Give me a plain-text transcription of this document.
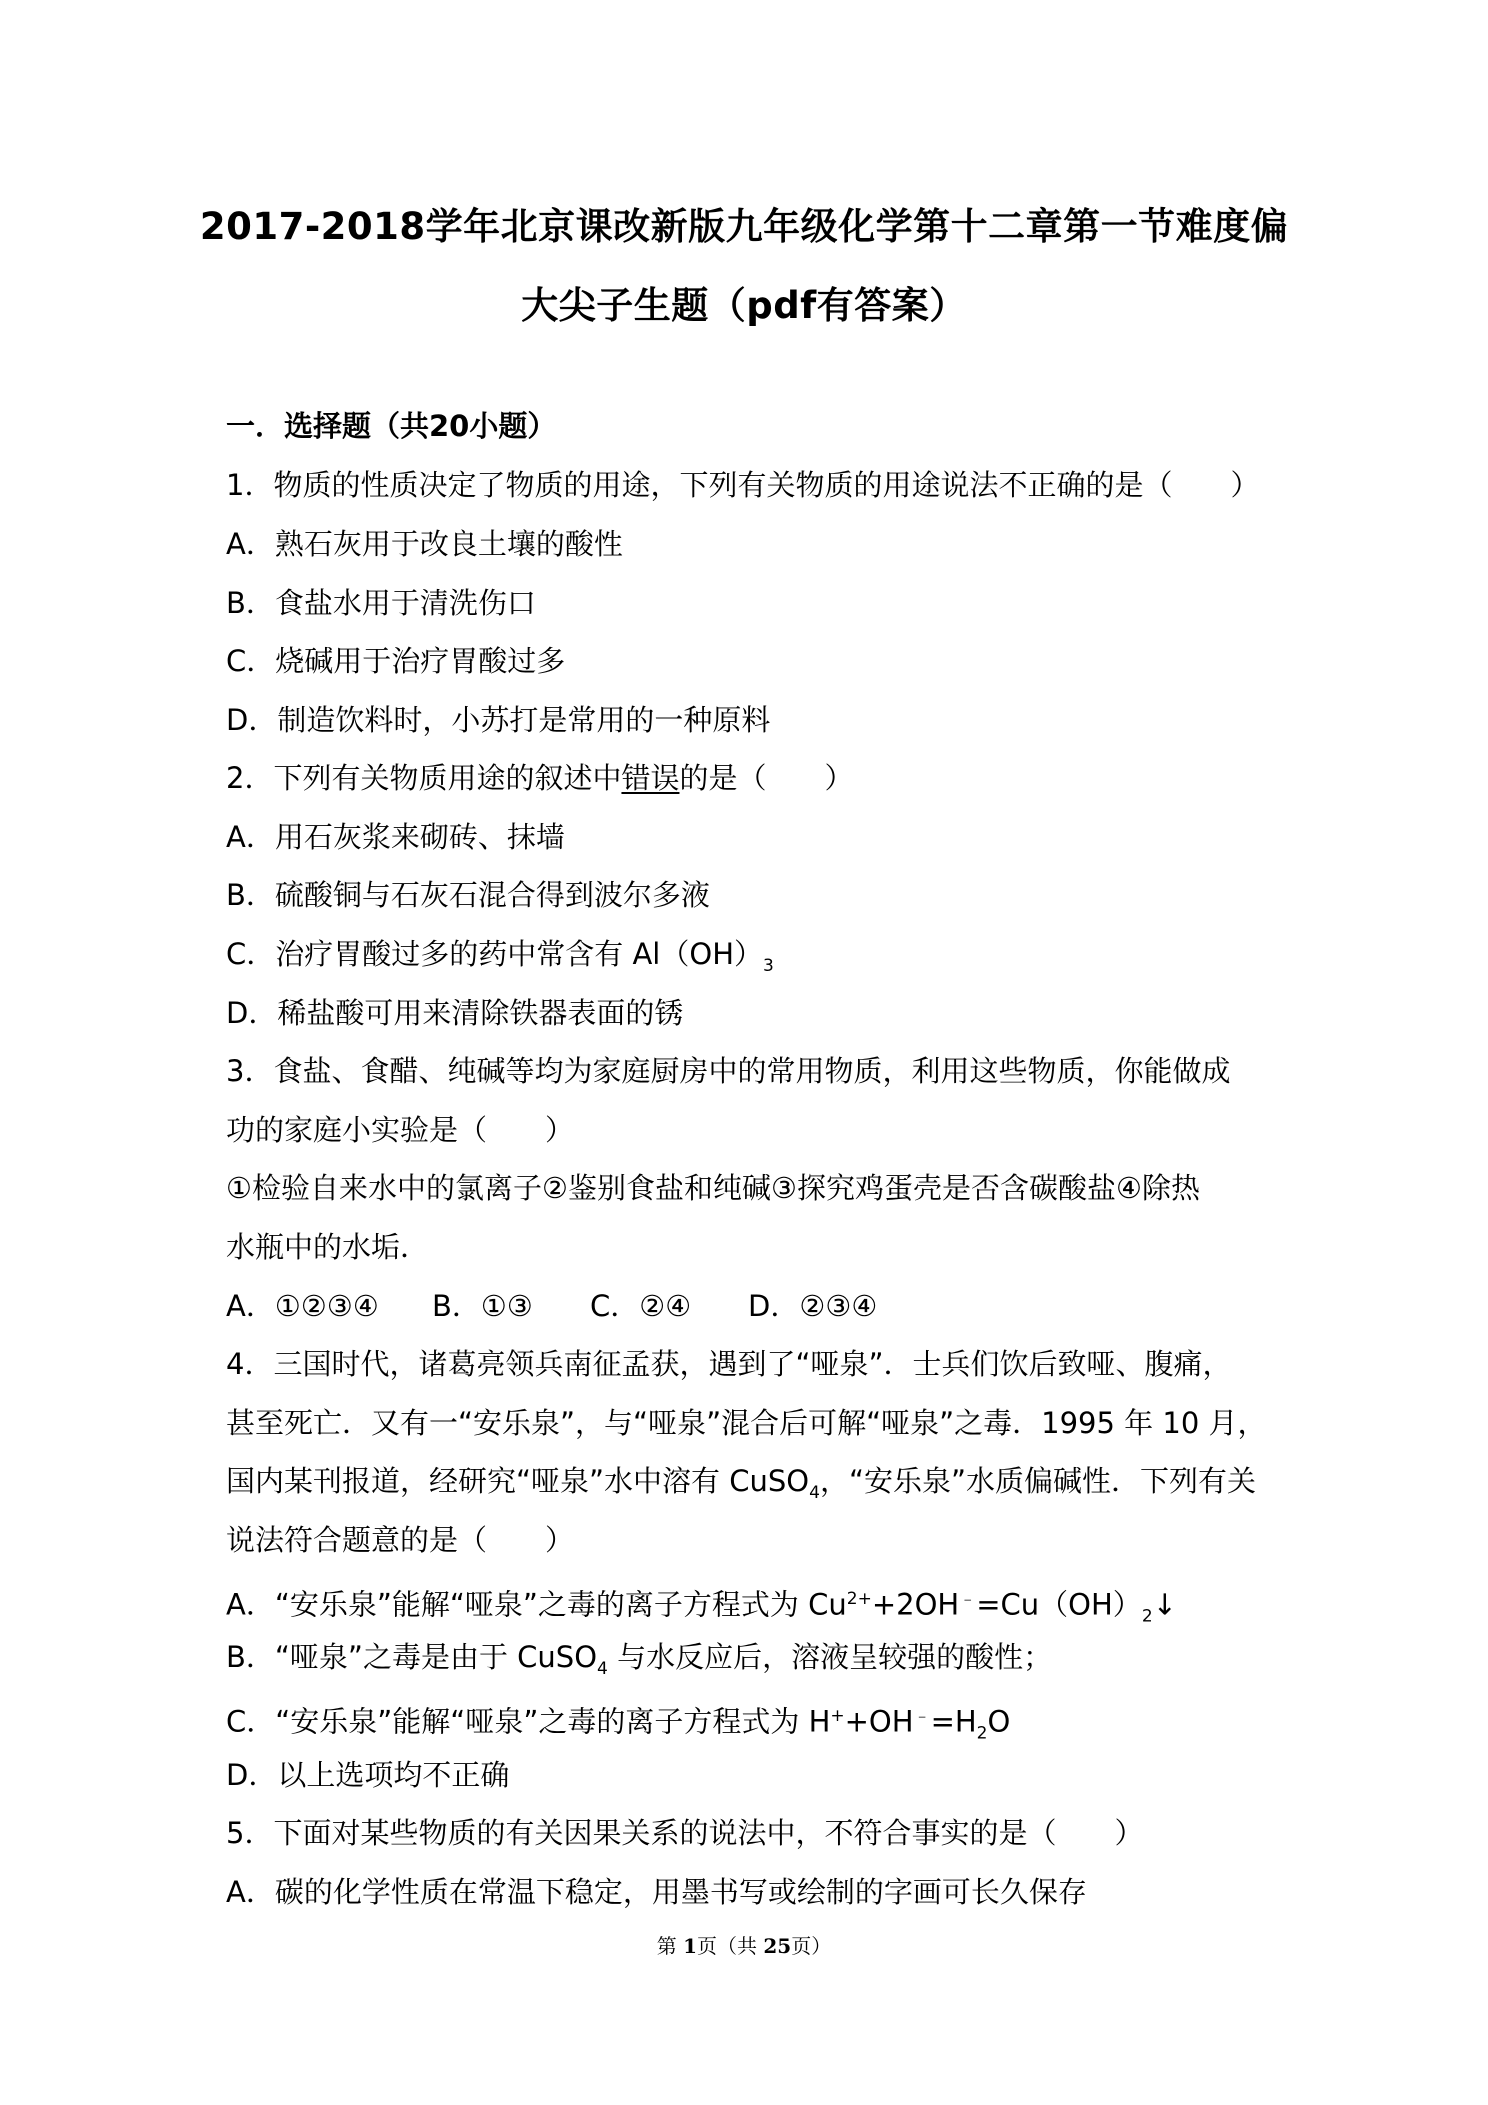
2017-2018学年北京课改新版九年级化学第十二章第一节难度偏
大尖子生题（pdf有答案）
一．选择题（共20小题）
1．物质的性质决定了物质的用途，下列有关物质的用途说法不正确的是（　　）
A．熟石灰用于改良土壤的酸性
B．食盐水用于清洗伤口
C．烧碱用于治疗胃酸过多
D．制造饮料时，小苏打是常用的一种原料
2．下列有关物质用途的叙述中错误的是（　　）
A．用石灰浆来砌砖、抹墙
B．硫酸铜与石灰石混合得到波尔多液
C．治疗胃酸过多的药中常含有 $Al(OH)_3$
D．稀盐酸可用来清除铁器表面的锈
3．食盐、食醋、纯碱等均为家庭厨房中的常用物质，利用这些物质，你能做成
功的家庭小实验是（　　）
①检验自来水中的氯离子②鉴别食盐和纯碱③探究鸡蛋壳是否含碳酸盐④除热
水瓶中的水垢．
A．①②③④ B．①③ C．②④ D．②③④
4．三国时代，诸葛亮领兵南征孟获，遇到了“哑泉”．士兵们饮后致哑、腹痛，
甚至死亡．又有一“安乐泉”，与“哑泉”混合后可解“哑泉”之毒．1995 年 10 月，
国内某刊报道，经研究“哑泉”水中溶有 CuSO$_4$，“安乐泉”水质偏碱性．下列有关
说法符合题意的是（　　）
A．“安乐泉”能解“哑泉”之毒的离子方程式为 $Cu^{2+}+2OH^﹣=Cu(OH)_2↓$
B．“哑泉”之毒是由于 CuSO$_4$ 与水反应后，溶液呈较强的酸性；
C．“安乐泉”能解“哑泉”之毒的离子方程式为 $H^++OH^﹣=H_2O$
D．以上选项均不正确
5．下面对某些物质的有关因果关系的说法中，不符合事实的是（　　）
A．碳的化学性质在常温下稳定，用墨书写或绘制的字画可长久保存
第 1页（共 25页）
